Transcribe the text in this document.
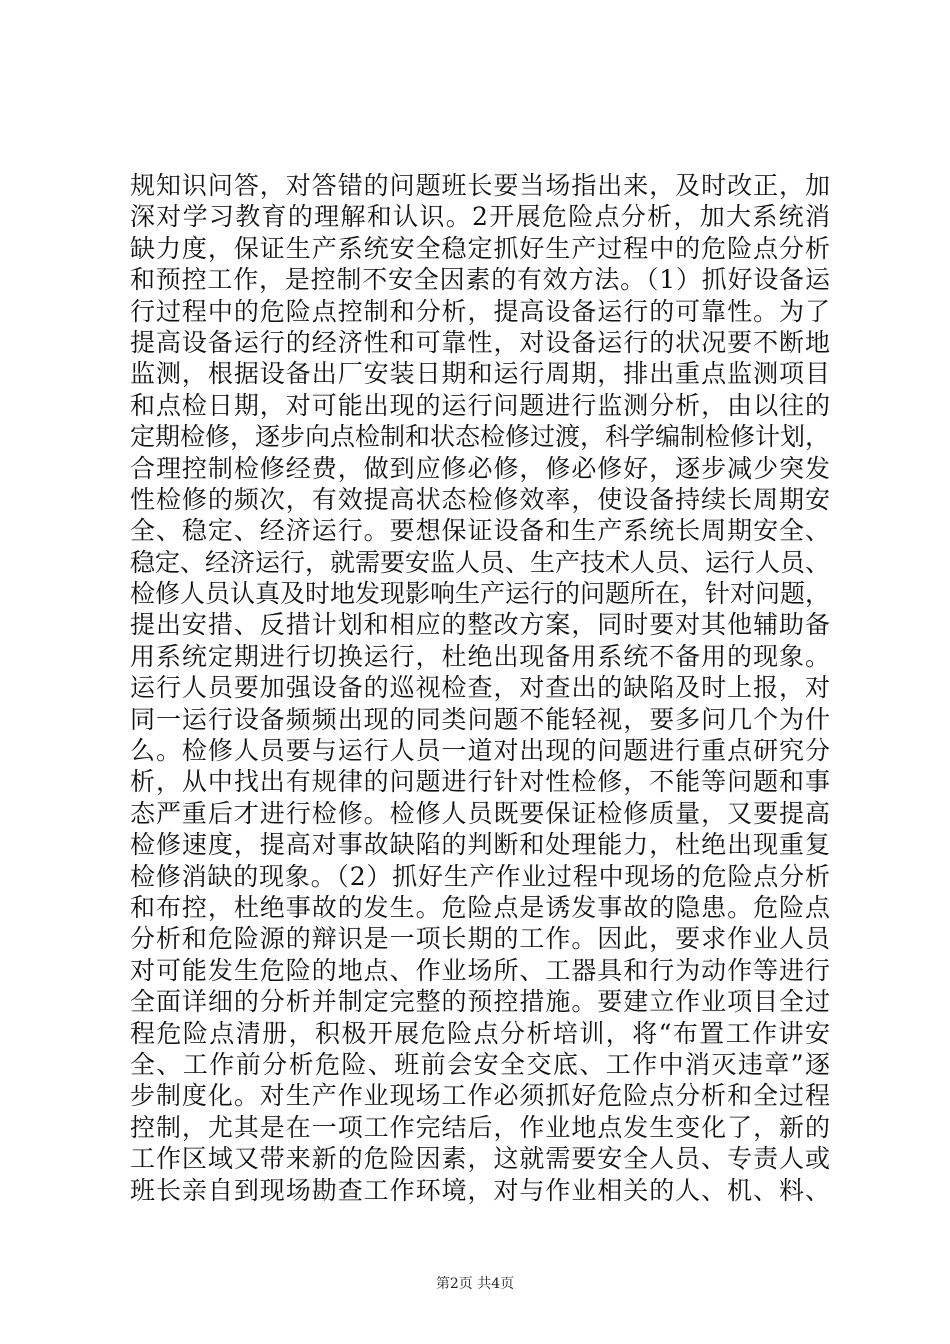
规知识问答，对答错的问题班长要当场指出来，及时改正，加
深对学习教育的理解和认识。2开展危险点分析，加大系统消
缺力度，保证生产系统安全稳定抓好生产过程中的危险点分析
和预控工作，是控制不安全因素的有效方法。（1）抓好设备运
行过程中的危险点控制和分析，提高设备运行的可靠性。为了
提高设备运行的经济性和可靠性，对设备运行的状况要不断地
监测，根据设备出厂安装日期和运行周期，排出重点监测项目
和点检日期，对可能出现的运行问题进行监测分析，由以往的
定期检修，逐步向点检制和状态检修过渡，科学编制检修计划，
合理控制检修经费，做到应修必修，修必修好，逐步减少突发
性检修的频次，有效提高状态检修效率，使设备持续长周期安
全、稳定、经济运行。要想保证设备和生产系统长周期安全、
稳定、经济运行，就需要安监人员、生产技术人员、运行人员、
检修人员认真及时地发现影响生产运行的问题所在，针对问题，
提出安措、反措计划和相应的整改方案，同时要对其他辅助备
用系统定期进行切换运行，杜绝出现备用系统不备用的现象。
运行人员要加强设备的巡视检查，对查出的缺陷及时上报，对
同一运行设备频频出现的同类问题不能轻视，要多问几个为什
么。检修人员要与运行人员一道对出现的问题进行重点研究分
析，从中找出有规律的问题进行针对性检修，不能等问题和事
态严重后才进行检修。检修人员既要保证检修质量，又要提高
检修速度，提高对事故缺陷的判断和处理能力，杜绝出现重复
检修消缺的现象。（2）抓好生产作业过程中现场的危险点分析
和布控，杜绝事故的发生。危险点是诱发事故的隐患。危险点
分析和危险源的辩识是一项长期的工作。因此，要求作业人员
对可能发生危险的地点、作业场所、工器具和行为动作等进行
全面详细的分析并制定完整的预控措施。要建立作业项目全过
程危险点清册，积极开展危险点分析培训，将“布置工作讲安
全、工作前分析危险、班前会安全交底、工作中消灭违章”逐
步制度化。对生产作业现场工作必须抓好危险点分析和全过程
控制，尤其是在一项工作完结后，作业地点发生变化了，新的
工作区域又带来新的危险因素，这就需要安全人员、专责人或
班长亲自到现场勘查工作环境，对与作业相关的人、机、料、
第2页 共4页
